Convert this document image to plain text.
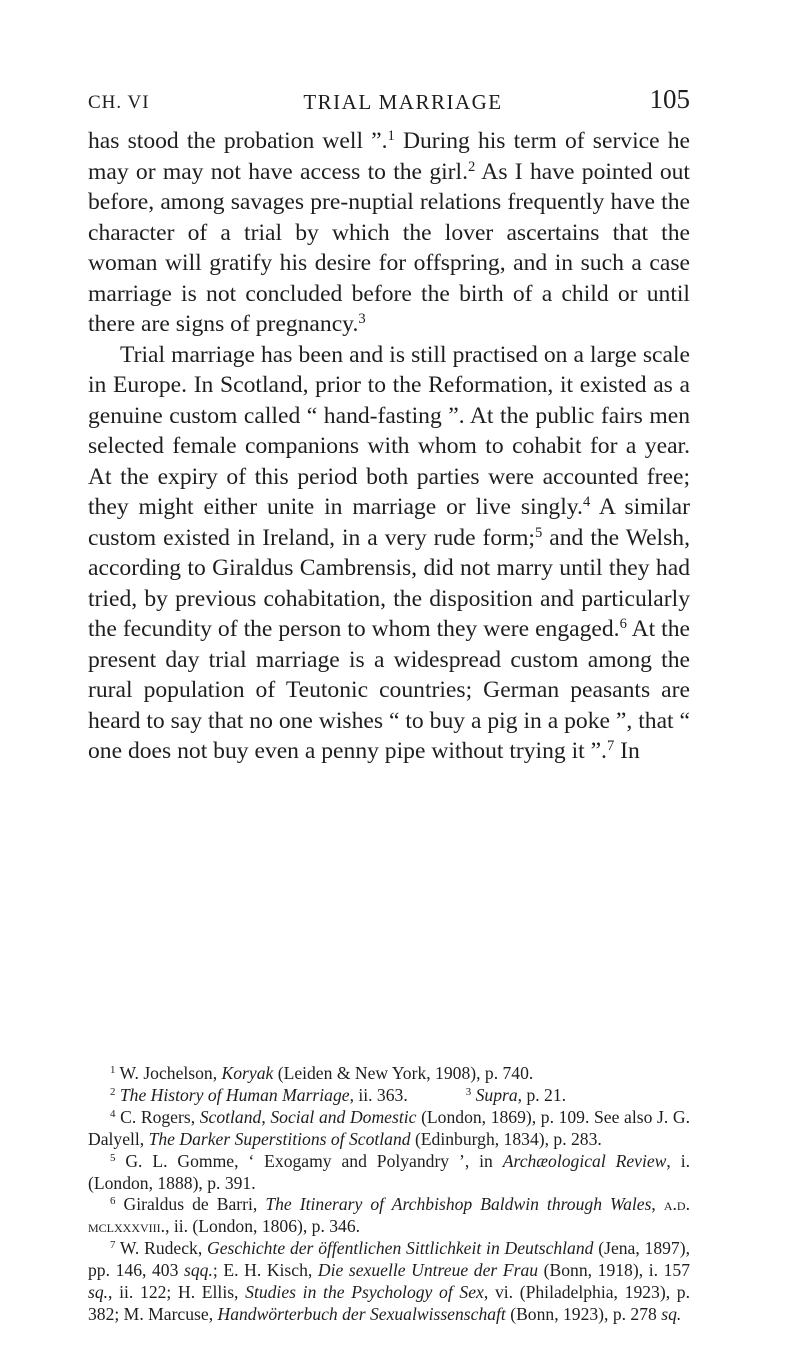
CH. VI	TRIAL MARRIAGE	105

has stood the probation well ”.$^1$ During his term of service he may or may not have access to the girl.$^2$ As I have pointed out before, among savages pre-nuptial relations frequently have the character of a trial by which the lover ascertains that the woman will gratify his desire for offspring, and in such a case marriage is not concluded before the birth of a child or until there are signs of pregnancy.$^3$

Trial marriage has been and is still practised on a large scale in Europe. In Scotland, prior to the Reformation, it existed as a genuine custom called “ hand-fasting ”. At the public fairs men selected female companions with whom to cohabit for a year. At the expiry of this period both parties were accounted free; they might either unite in marriage or live singly.$^4$ A similar custom existed in Ireland, in a very rude form;$^5$ and the Welsh, according to Giraldus Cambrensis, did not marry until they had tried, by previous cohabitation, the disposition and particularly the fecundity of the person to whom they were engaged.$^6$ At the present day trial marriage is a widespread custom among the rural population of Teutonic countries; German peasants are heard to say that no one wishes “ to buy a pig in a poke ”, that “ one does not buy even a penny pipe without trying it ”.$^7$ In

$^1$ W. Jochelson, Koryak (Leiden & New York, 1908), p. 740.

$^2$ The History of Human Marriage, ii. 363.	$^3$ Supra, p. 21.

$^4$ C. Rogers, Scotland, Social and Domestic (London, 1869), p. 109. See also J. G. Dalyell, The Darker Superstitions of Scotland (Edinburgh, 1834), p. 283.

$^5$ G. L. Gomme, ‘ Exogamy and Polyandry ’, in Archæological Review, i. (London, 1888), p. 391.

$^6$ Giraldus de Barri, The Itinerary of Archbishop Baldwin through Wales, a.d. mclxxxviii., ii. (London, 1806), p. 346.

$^7$ W. Rudeck, Geschichte der öffentlichen Sittlichkeit in Deutschland (Jena, 1897), pp. 146, 403 sqq.; E. H. Kisch, Die sexuelle Untreue der Frau (Bonn, 1918), i. 157 sq., ii. 122; H. Ellis, Studies in the Psychology of Sex, vi. (Philadelphia, 1923), p. 382; M. Marcuse, Handwörterbuch der Sexualwissenschaft (Bonn, 1923), p. 278 sq.
